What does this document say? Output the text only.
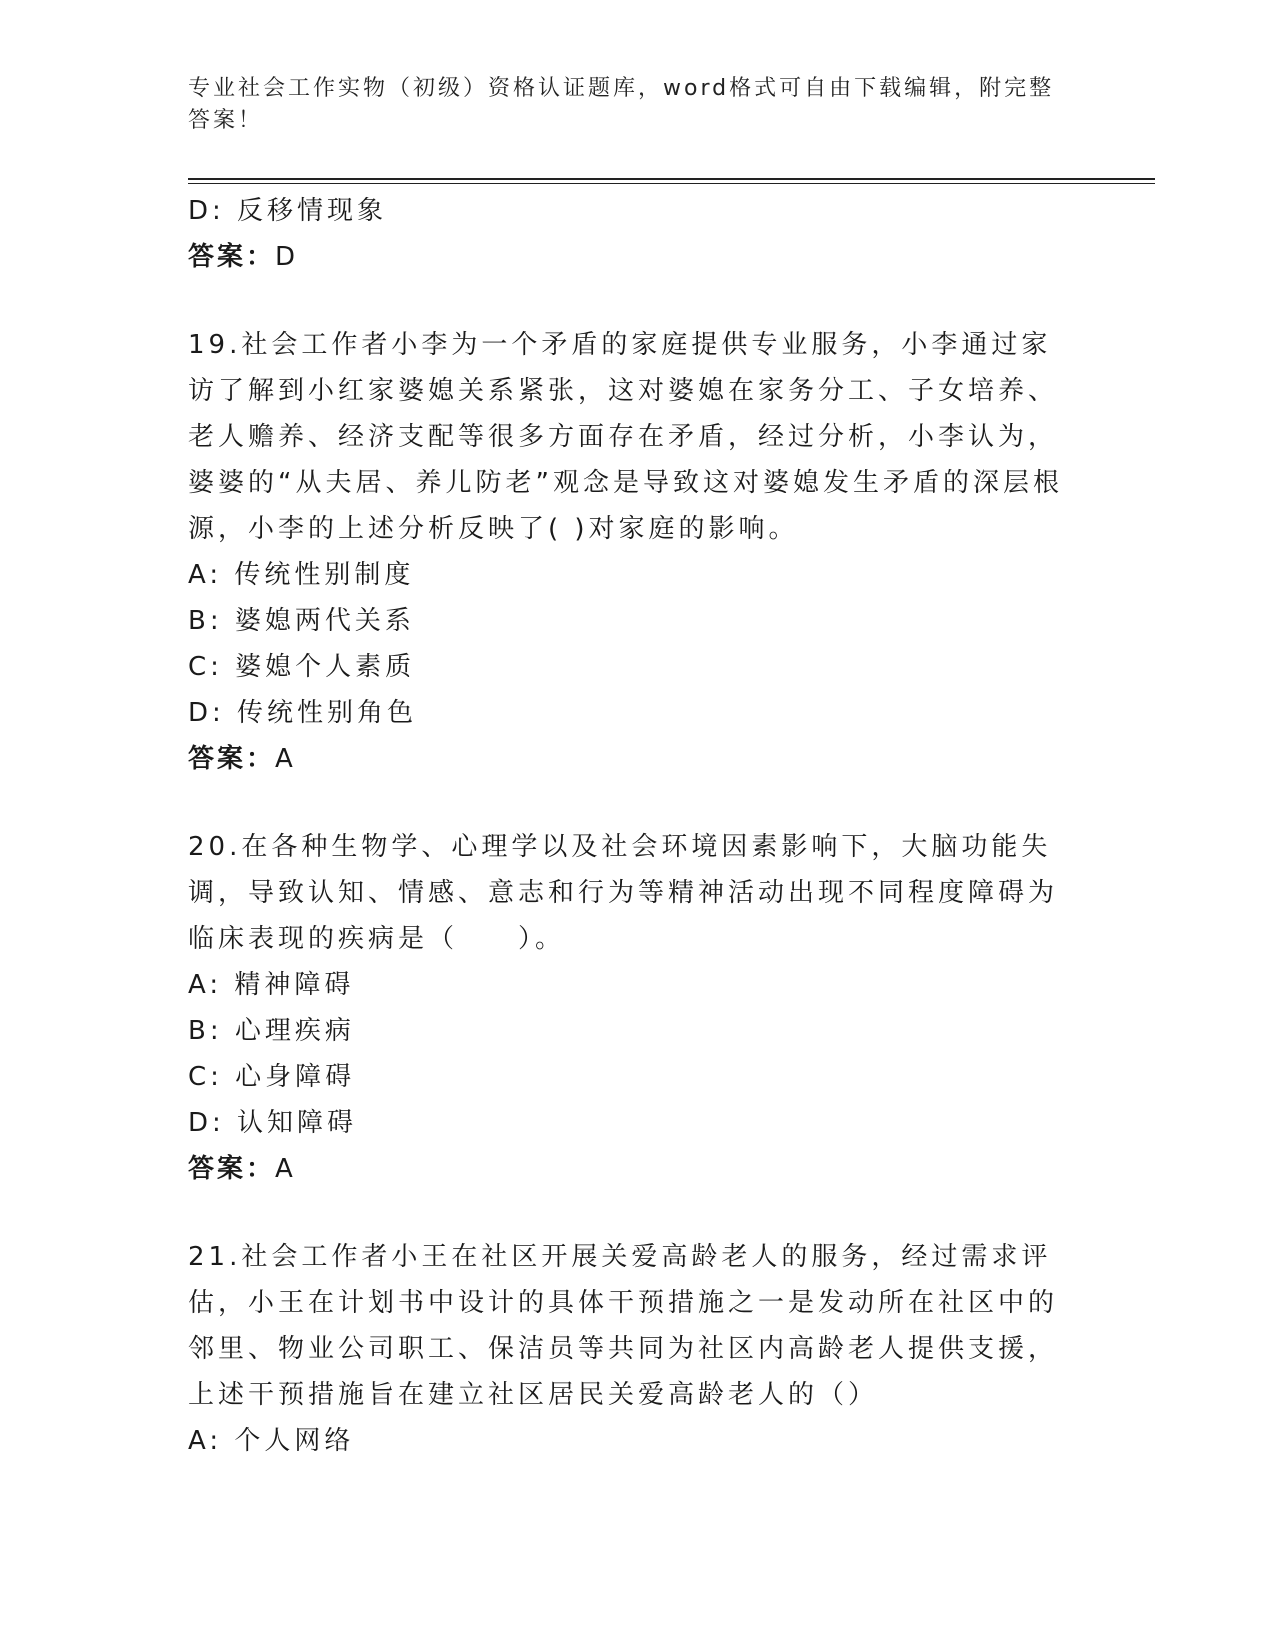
专业社会工作实物（初级）资格认证题库，word格式可自由下载编辑，附完整答案！
D: 反移情现象
答案：D

19.社会工作者小李为一个矛盾的家庭提供专业服务，小李通过家访了解到小红家婆媳关系紧张，这对婆媳在家务分工、子女培养、老人赡养、经济支配等很多方面存在矛盾，经过分析，小李认为，婆婆的“从夫居、养儿防老”观念是导致这对婆媳发生矛盾的深层根源，小李的上述分析反映了( )对家庭的影响。

A: 传统性别制度
B: 婆媳两代关系
C: 婆媳个人素质
D: 传统性别角色
答案：A

20.在各种生物学、心理学以及社会环境因素影响下，大脑功能失调，导致认知、情感、意志和行为等精神活动出现不同程度障碍为临床表现的疾病是（　　）。

A: 精神障碍
B: 心理疾病
C: 心身障碍
D: 认知障碍
答案：A

21.社会工作者小王在社区开展关爱高龄老人的服务，经过需求评估，小王在计划书中设计的具体干预措施之一是发动所在社区中的邻里、物业公司职工、保洁员等共同为社区内高龄老人提供支援，上述干预措施旨在建立社区居民关爱高龄老人的（）

A: 个人网络
